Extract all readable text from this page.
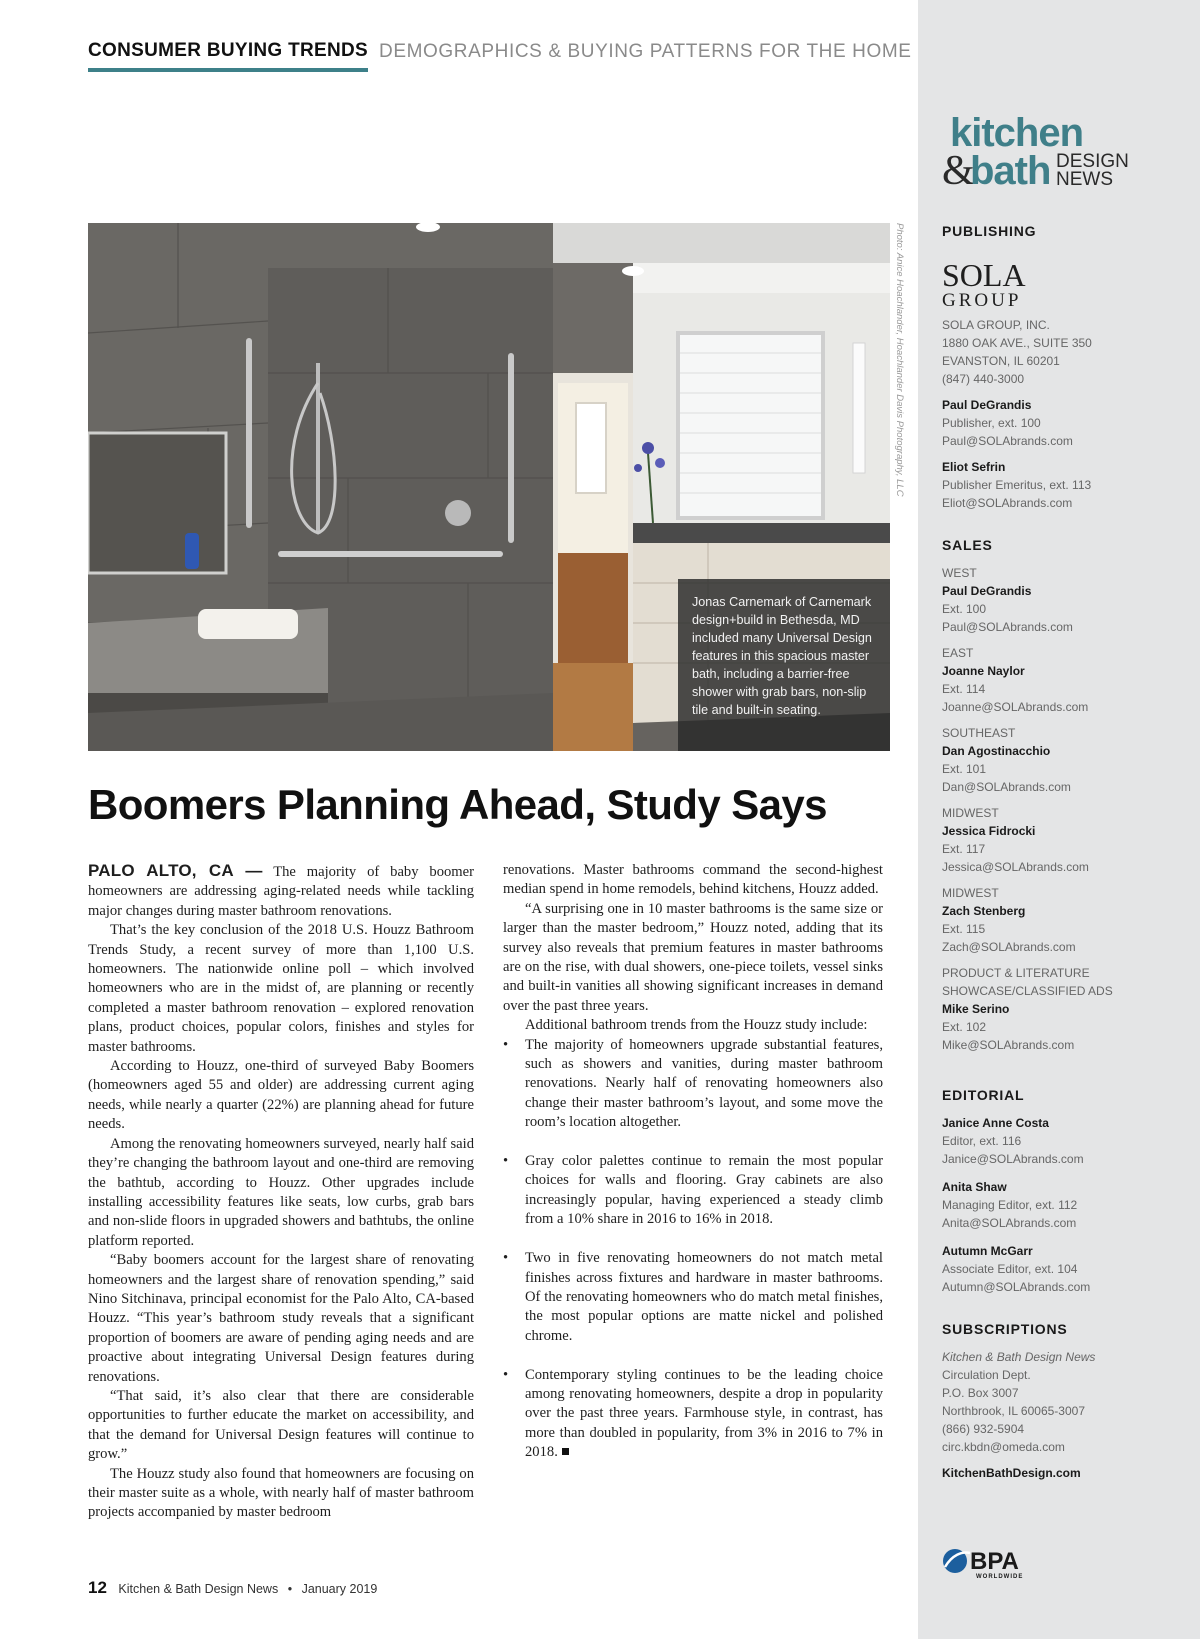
CONSUMER BUYING TRENDS DEMOGRAPHICS & BUYING PATTERNS FOR THE HOME
Jonas Carnemark of Carnemark design+build in Bethesda, MD included many Universal Design features in this spacious master bath, including a barrier-free shower with grab bars, non-slip tile and built-in seating.
Photo: Anice Hoachlander, Hoachlander Davis Photography, LLC
Boomers Planning Ahead, Study Says

PALO ALTO, CA — The majority of baby boomer homeowners are addressing aging-related needs while tackling major changes during master bathroom renovations.

That’s the key conclusion of the 2018 U.S. Houzz Bathroom Trends Study, a recent survey of more than 1,100 U.S. homeowners. The nationwide online poll – which involved homeowners who are in the midst of, are planning or recently completed a master bathroom renovation – explored renovation plans, product choices, popular colors, finishes and styles for master bathrooms.

According to Houzz, one-third of surveyed Baby Boomers (homeowners aged 55 and older) are addressing current aging needs, while nearly a quarter (22%) are planning ahead for future needs.

Among the renovating homeowners surveyed, nearly half said they’re changing the bathroom layout and one-third are removing the bathtub, according to Houzz. Other upgrades include installing accessibility features like seats, low curbs, grab bars and non-slide floors in upgraded showers and bathtubs, the online platform reported.

“Baby boomers account for the largest share of renovating homeowners and the largest share of renovation spending,” said Nino Sitchinava, principal economist for the Palo Alto, CA-based Houzz. “This year’s bathroom study reveals that a significant proportion of boomers are aware of pending aging needs and are proactive about integrating Universal Design features during renovations.

“That said, it’s also clear that there are considerable opportunities to further educate the market on accessibility, and that the demand for Universal Design features will continue to grow.”

The Houzz study also found that homeowners are focusing on their master suite as a whole, with nearly half of master bathroom projects accompanied by master bedroom

renovations. Master bathrooms command the second-highest median spend in home remodels, behind kitchens, Houzz added.

“A surprising one in 10 master bathrooms is the same size or larger than the master bedroom,” Houzz noted, adding that its survey also reveals that premium features in master bathrooms are on the rise, with dual showers, one-piece toilets, vessel sinks and built-in vanities all showing significant increases in demand over the past three years.

Additional bathroom trends from the Houzz study include:

• The majority of homeowners upgrade substantial features, such as showers and vanities, during master bathroom renovations. Nearly half of renovating homeowners also change their master bathroom’s layout, and some move the room’s location altogether.
• Gray color palettes continue to remain the most popular choices for walls and flooring. Gray cabinets are also increasingly popular, having experienced a steady climb from a 10% share in 2016 to 16% in 2018.
• Two in five renovating homeowners do not match metal finishes across fixtures and hardware in master bathrooms. Of the renovating homeowners who do match metal finishes, the most popular options are matte nickel and polished chrome.
• Contemporary styling continues to be the leading choice among renovating homeowners, despite a drop in popularity over the past three years. Farmhouse style, in contrast, has more than doubled in popularity, from 3% in 2016 to 7% in 2018.
12 Kitchen & Bath Design News • January 2019
kitchen
&
bath DESIGN
NEWS
PUBLISHING
SOLA
GROUP
SOLA GROUP, INC.
1880 OAK AVE., SUITE 350
EVANSTON, IL 60201
(847) 440-3000
Paul DeGrandis
Publisher, ext. 100
Paul@SOLAbrands.com
Eliot Sefrin
Publisher Emeritus, ext. 113
Eliot@SOLAbrands.com
SALES
WEST
Paul DeGrandis
Ext. 100
Paul@SOLAbrands.com
EAST
Joanne Naylor
Ext. 114
Joanne@SOLAbrands.com
SOUTHEAST
Dan Agostinacchio
Ext. 101
Dan@SOLAbrands.com
MIDWEST
Jessica Fidrocki
Ext. 117
Jessica@SOLAbrands.com
MIDWEST
Zach Stenberg
Ext. 115
Zach@SOLAbrands.com
PRODUCT & LITERATURE
SHOWCASE/CLASSIFIED ADS
Mike Serino
Ext. 102
Mike@SOLAbrands.com
EDITORIAL
Janice Anne Costa
Editor, ext. 116
Janice@SOLAbrands.com
Anita Shaw
Managing Editor, ext. 112
Anita@SOLAbrands.com
Autumn McGarr
Associate Editor, ext. 104
Autumn@SOLAbrands.com
SUBSCRIPTIONS
Kitchen & Bath Design News
Circulation Dept.
P.O. Box 3007
Northbrook, IL 60065-3007
(866) 932-5904
circ.kbdn@omeda.com
KitchenBathDesign.com
BPA
WORLDWIDE
